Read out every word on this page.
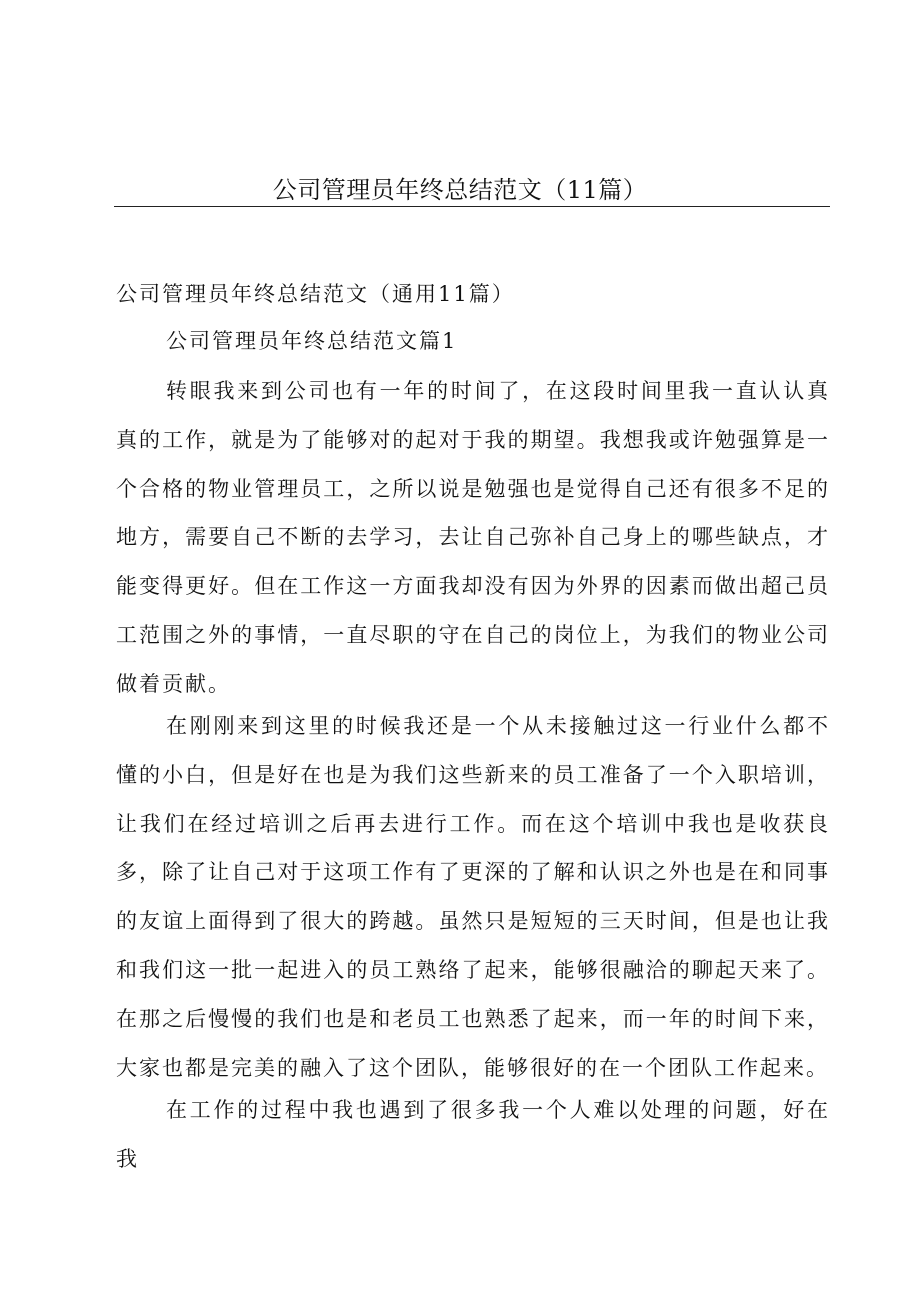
公司管理员年终总结范文（11篇）
公司管理员年终总结范文（通用11篇）
公司管理员年终总结范文篇1

转眼我来到公司也有一年的时间了，在这段时间里我一直认认真真的工作，就是为了能够对的起对于我的期望。我想我或许勉强算是一个合格的物业管理员工，之所以说是勉强也是觉得自己还有很多不足的地方，需要自己不断的去学习，去让自己弥补自己身上的哪些缺点，才能变得更好。但在工作这一方面我却没有因为外界的因素而做出超己员工范围之外的事情，一直尽职的守在自己的岗位上，为我们的物业公司做着贡献。

在刚刚来到这里的时候我还是一个从未接触过这一行业什么都不懂的小白，但是好在也是为我们这些新来的员工准备了一个入职培训，让我们在经过培训之后再去进行工作。而在这个培训中我也是收获良多，除了让自己对于这项工作有了更深的了解和认识之外也是在和同事的友谊上面得到了很大的跨越。虽然只是短短的三天时间，但是也让我和我们这一批一起进入的员工熟络了起来，能够很融洽的聊起天来了。在那之后慢慢的我们也是和老员工也熟悉了起来，而一年的时间下来，大家也都是完美的融入了这个团队，能够很好的在一个团队工作起来。

在工作的过程中我也遇到了很多我一个人难以处理的问题，好在我
